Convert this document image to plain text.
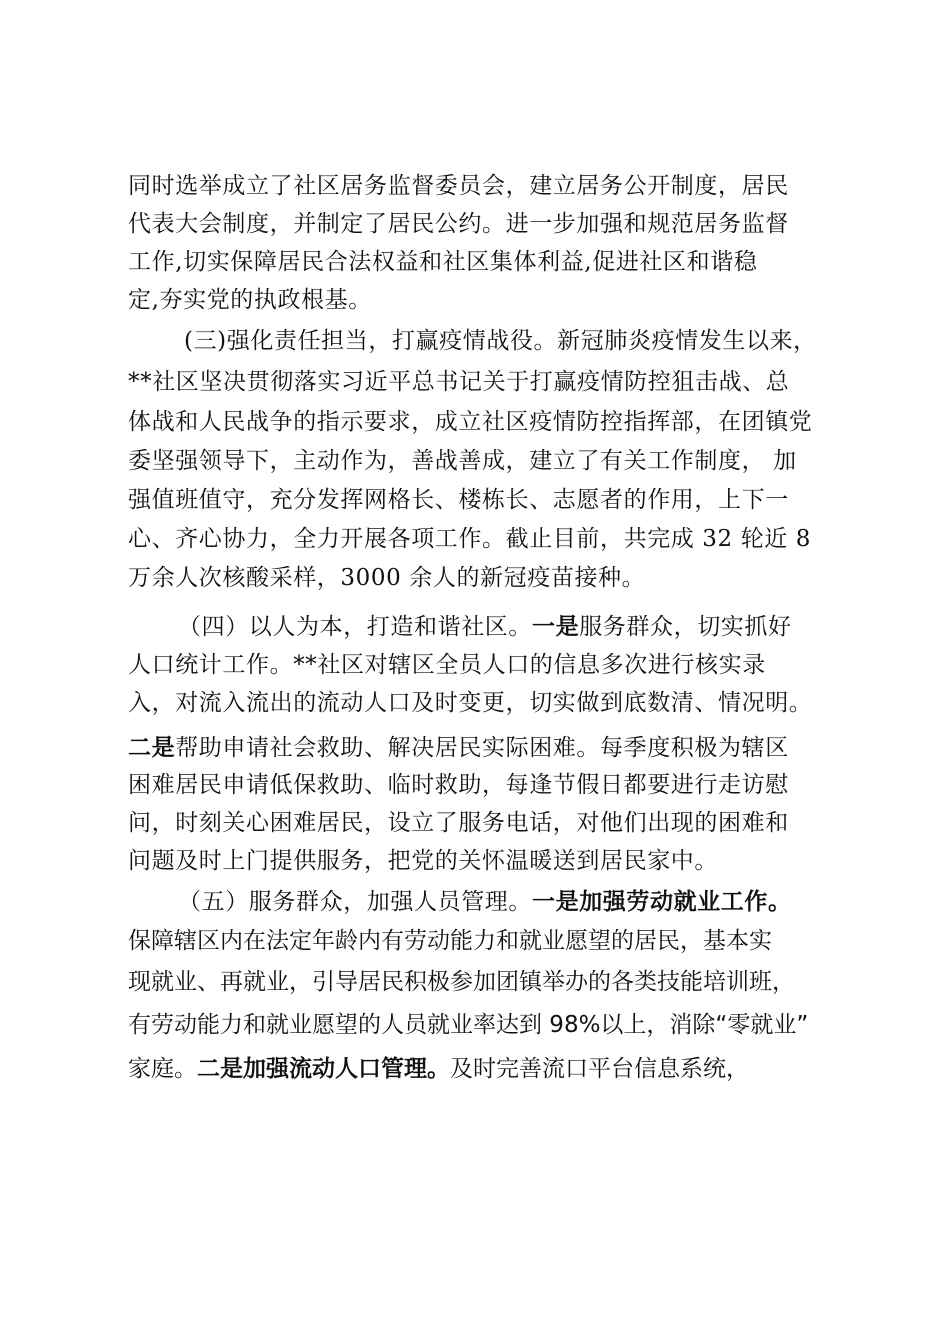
同时选举成立了社区居务监督委员会，建立居务公开制度，居民
代表大会制度，并制定了居民公约。进一步加强和规范居务监督
工作,切实保障居民合法权益和社区集体利益,促进社区和谐稳
定,夯实党的执政根基。
(三)强化责任担当，打赢疫情战役。新冠肺炎疫情发生以来，
**社区坚决贯彻落实习近平总书记关于打赢疫情防控狙击战、总
体战和人民战争的指示要求，成立社区疫情防控指挥部，在团镇党
委坚强领导下，主动作为，善战善成，建立了有关工作制度， 加
强值班值守，充分发挥网格长、楼栋长、志愿者的作用，上下一
心、齐心协力，全力开展各项工作。截止目前，共完成 32 轮近 8
万余人次核酸采样，3000 余人的新冠疫苗接种。
（四）以人为本，打造和谐社区。一是服务群众，切实抓好
人口统计工作。**社区对辖区全员人口的信息多次进行核实录
入，对流入流出的流动人口及时变更，切实做到底数清、情况明。
二是帮助申请社会救助、解决居民实际困难。每季度积极为辖区
困难居民申请低保救助、临时救助，每逢节假日都要进行走访慰
问，时刻关心困难居民，设立了服务电话，对他们出现的困难和
问题及时上门提供服务，把党的关怀温暖送到居民家中。
（五）服务群众，加强人员管理。一是加强劳动就业工作。
保障辖区内在法定年龄内有劳动能力和就业愿望的居民，基本实
现就业、再就业，引导居民积极参加团镇举办的各类技能培训班，
有劳动能力和就业愿望的人员就业率达到 98%以上，消除“零就业”
家庭。二是加强流动人口管理。及时完善流口平台信息系统，
